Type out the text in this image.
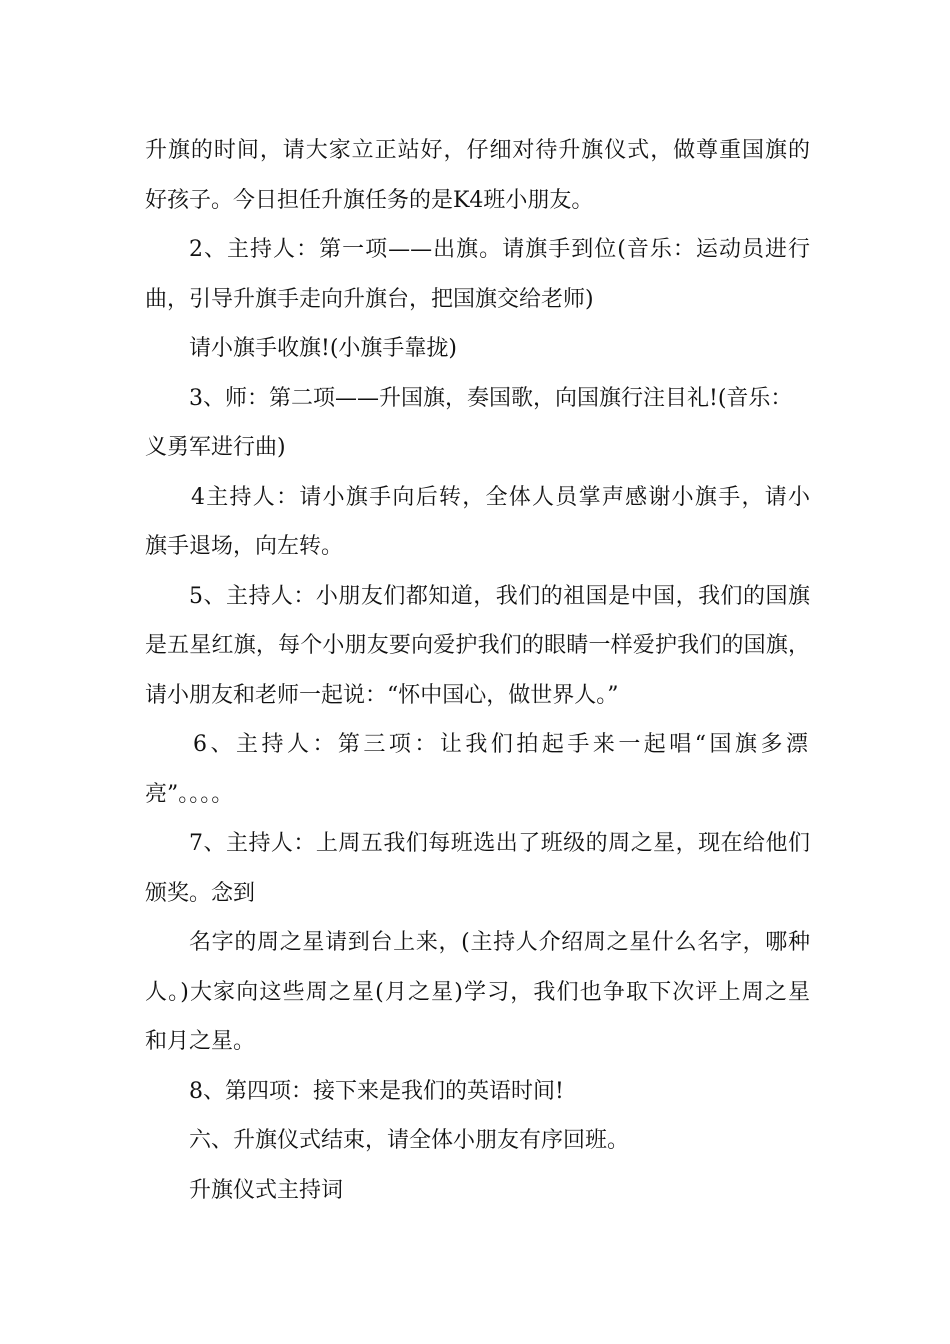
升旗的时间，请大家立正站好，仔细对待升旗仪式，做尊重国旗的
好孩子。今日担任升旗任务的是K4班小朋友。
2、主持人：第一项——出旗。请旗手到位(音乐：运动员进行
曲，引导升旗手走向升旗台，把国旗交给老师)
请小旗手收旗!(小旗手靠拢)
3、师：第二项——升国旗，奏国歌，向国旗行注目礼!(音乐：
义勇军进行曲)
4主持人：请小旗手向后转，全体人员掌声感谢小旗手，请小
旗手退场，向左转。
5、主持人：小朋友们都知道，我们的祖国是中国，我们的国旗
是五星红旗，每个小朋友要向爱护我们的眼睛一样爱护我们的国旗，
请小朋友和老师一起说：“怀中国心，做世界人。”
6、主持人：第三项：让我们拍起手来一起唱“国旗多漂
亮”。。。。
7、主持人：上周五我们每班选出了班级的周之星，现在给他们
颁奖。念到
名字的周之星请到台上来，(主持人介绍周之星什么名字，哪种
人。)大家向这些周之星(月之星)学习，我们也争取下次评上周之星
和月之星。
8、第四项：接下来是我们的英语时间!
六、升旗仪式结束，请全体小朋友有序回班。
升旗仪式主持词
